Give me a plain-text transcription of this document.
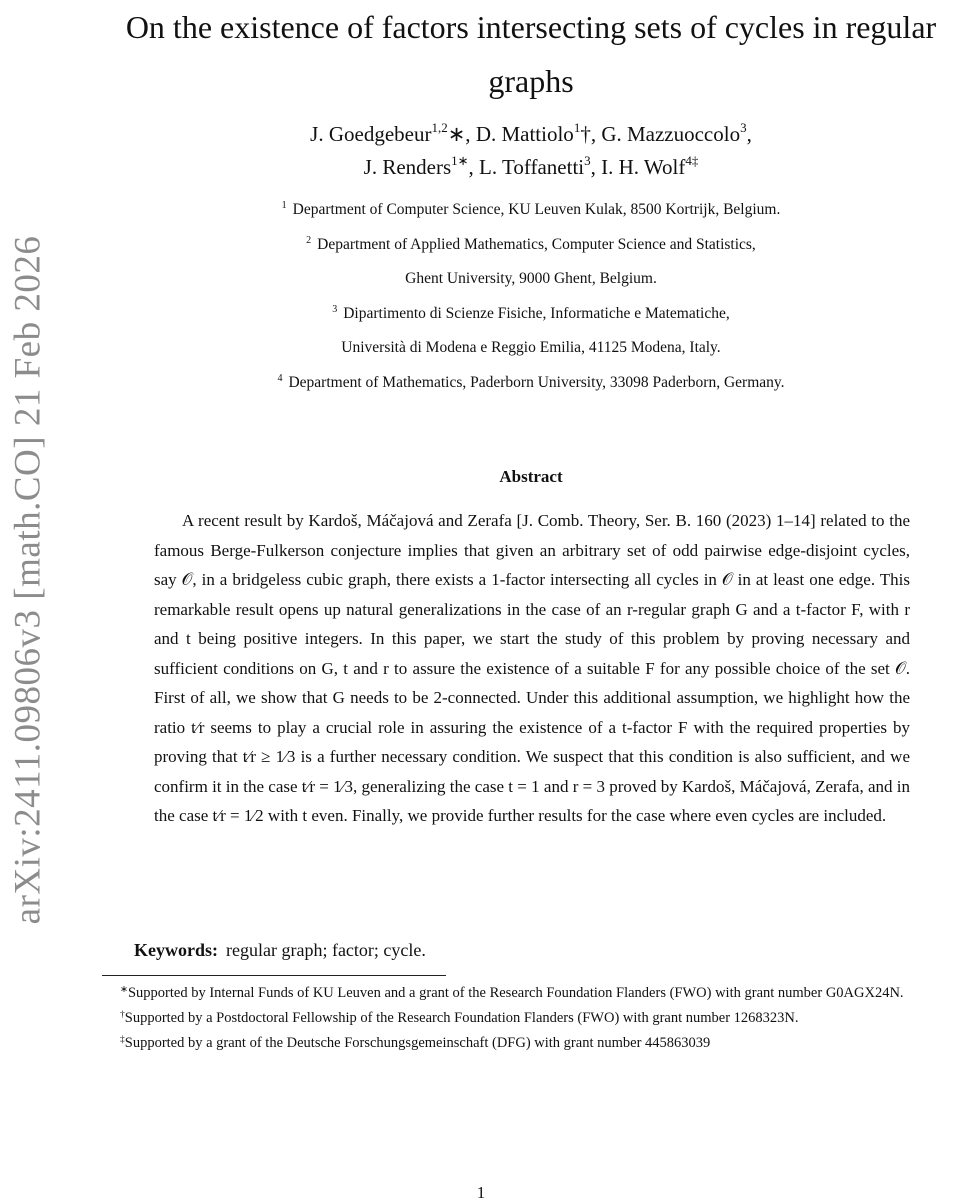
arXiv:2411.09806v3 [math.CO] 21 Feb 2026
On the existence of factors intersecting sets of cycles in regular graphs
J. Goedgebeur$^{1,2}$∗, D. Mattiolo$^1$†, G. Mazzuoccolo$^3$,
J. Renders$^{1∗}$, L. Toffanetti$^3$, I. H. Wolf$^{4\ddagger}$
$^1$ Department of Computer Science, KU Leuven Kulak, 8500 Kortrijk, Belgium.
$^2$ Department of Applied Mathematics, Computer Science and Statistics,
Ghent University, 9000 Ghent, Belgium.
$^3$ Dipartimento di Scienze Fisiche, Informatiche e Matematiche,
Università di Modena e Reggio Emilia, 41125 Modena, Italy.
$^4$ Department of Mathematics, Paderborn University, 33098 Paderborn, Germany.
Abstract

A recent result by Kardoš, Máčajová and Zerafa [J. Comb. Theory, Ser. B. 160 (2023) 1–14] related to the famous Berge-Fulkerson conjecture implies that given an arbitrary set of odd pairwise edge-disjoint cycles, say 𝒪, in a bridgeless cubic graph, there exists a 1-factor intersecting all cycles in 𝒪 in at least one edge. This remarkable result opens up natural generalizations in the case of an r-regular graph G and a t-factor F, with r and t being positive integers. In this paper, we start the study of this problem by proving necessary and sufficient conditions on G, t and r to assure the existence of a suitable F for any possible choice of the set 𝒪. First of all, we show that G needs to be 2-connected. Under this additional assumption, we highlight how the ratio t⁄r seems to play a crucial role in assuring the existence of a t-factor F with the required properties by proving that t⁄r ≥ 1⁄3 is a further necessary condition. We suspect that this condition is also sufficient, and we confirm it in the case t⁄r = 1⁄3, generalizing the case t = 1 and r = 3 proved by Kardoš, Máčajová, Zerafa, and in the case t⁄r = 1⁄2 with t even. Finally, we provide further results for the case where even cycles are included.

Keywords: regular graph; factor; cycle.

∗Supported by Internal Funds of KU Leuven and a grant of the Research Foundation Flanders (FWO) with grant number G0AGX24N.

†Supported by a Postdoctoral Fellowship of the Research Foundation Flanders (FWO) with grant number 1268323N.

‡Supported by a grant of the Deutsche Forschungsgemeinschaft (DFG) with grant number 445863039

1
